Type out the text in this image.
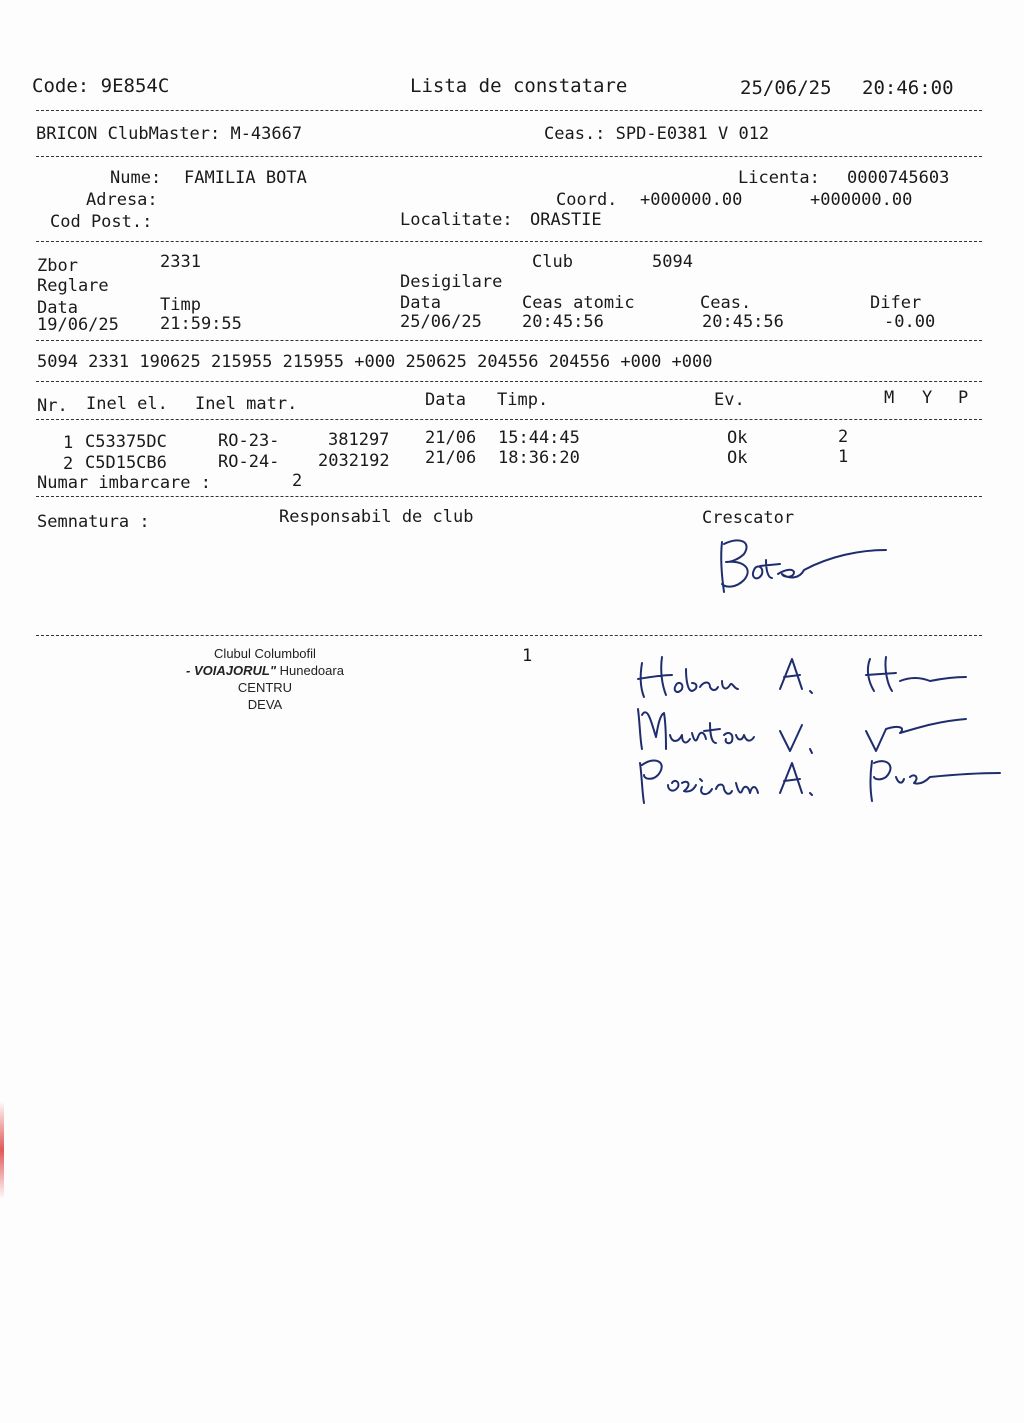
Code: 9E854C	Lista de constatare	25/06/25 20:46:00
BRICON ClubMaster: M-43667	Ceas.: SPD-E0381 V 012
Nume: FAMILIA BOTA	Licenta: 0000745603
Adresa:	Coord. +000000.00	+000000.00
Cod Post.:	Localitate: ORASTIE
Zbor	2331	Club	5094
Reglare	Desigilare
Data	Timp	Data	Ceas atomic	Ceas.	Difer
19/06/25 21:59:55	25/06/25 20:45:56	20:45:56	-0.00
5094 2331 190625 215955 215955 +000 250625 204556 204556 +000 +000
Nr. Inel el. Inel matr.	Data Timp.	Ev.	M Y P
1 C53375DC	RO-23-	381297 21/06 15:44:45	Ok	2
2 C5D15CB6	RO-24- 2032192 21/06 18:36:20	Ok	1
Numar imbarcare :	2
Semnatura :	Responsabil de club	Crescator
Clubul Columbofil
- VOIAJORUL" Hunedoara
CENTRU
DEVA
1
